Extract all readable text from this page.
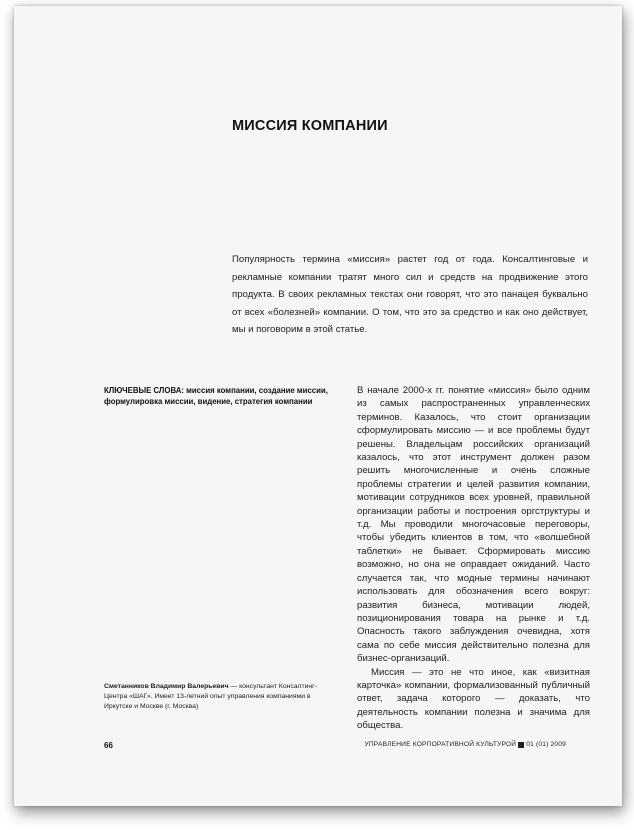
МИССИЯ КОМПАНИИ

Популярность термина «миссия» растет год от года. Консалтинговые и рекламные компании тратят много сил и средств на продвижение этого продукта. В своих рекламных текстах они говорят, что это панацея буквально от всех «болезней» компании. О том, что это за средство и как оно действует, мы и поговорим в этой статье.

КЛЮЧЕВЫЕ СЛОВА: миссия компании, создание миссии, формулировка миссии, видение, стратегия компании

В начале 2000-х гг. понятие «миссия» было одним из самых распространенных управленческих терминов. Казалось, что стоит организации сформулировать миссию — и все проблемы будут решены. Владельцам российских организаций казалось, что этот инструмент должен разом решить многочисленные и очень сложные проблемы стратегии и целей развития компании, мотивации сотрудников всех уровней, правильной организации работы и построения оргструктуры и т.д. Мы проводили многочасовые переговоры, чтобы убедить клиентов в том, что «волшебной таблетки» не бывает. Сформировать миссию возможно, но она не оправдает ожиданий. Часто случается так, что модные термины начинают использовать для обозначения всего вокруг: развития бизнеса, мотивации людей, позиционирования товара на рынке и т.д. Опасность такого заблуждения очевидна, хотя сама по себе миссия действительно полезна для бизнес-организаций.

Миссия — это не что иное, как «визитная карточка» компании, формализованный публичный ответ, задача которого — доказать, что деятельность компании полезна и значима для общества.

Сметанников Владимир Валерьевич — консультант Консалтинг-Центра «ШАГ». Имеет 13-летний опыт управления компаниями в Иркутске и Москве (г. Москва)

66	УПРАВЛЕНИЕ КОРПОРАТИВНОЙ КУЛЬТУРОЙ 01 (01) 2009
